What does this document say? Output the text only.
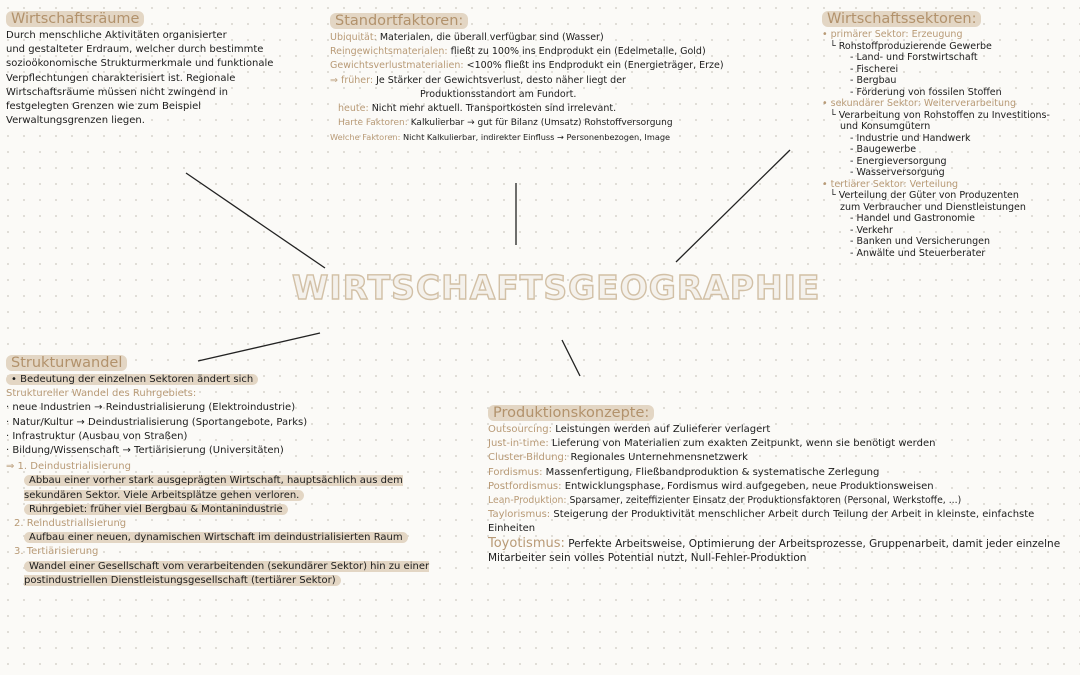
WIRTSCHAFTSGEOGRAPHIE
Wirtschaftsräume
Durch menschliche Aktivitäten organisierter
und gestalteter Erdraum, welcher durch bestimmte
sozioökonomische Strukturmerkmale und funktionale
Verpflechtungen charakterisiert ist. Regionale
Wirtschaftsräume müssen nicht zwingend in
festgelegten Grenzen wie zum Beispiel
Verwaltungsgrenzen liegen.
Standortfaktoren:
Ubiquität: Materialen, die überall verfügbar sind (Wasser)
Reingewichtsmaterialen: fließt zu 100% ins Endprodukt ein (Edelmetalle, Gold)
Gewichtsverlustmaterialien: <100% fließt ins Endprodukt ein (Energieträger, Erze)
⇒ früher: Je Stärker der Gewichtsverlust, desto näher liegt der
Produktionsstandort am Fundort.
heute: Nicht mehr aktuell. Transportkosten sind irrelevant.
Harte Faktoren: Kalkulierbar → gut für Bilanz (Umsatz) Rohstoffversorgung
Weiche Faktoren: Nicht Kalkulierbar, indirekter Einfluss → Personenbezogen, Image
Wirtschaftssektoren:
• primärer Sektor: Erzeugung
└ Rohstoffproduzierende Gewerbe
- Land- und Forstwirtschaft
- Fischerei
- Bergbau
- Förderung von fossilen Stoffen
• sekundärer Sektor: Weiterverarbeitung
└ Verarbeitung von Rohstoffen zu Investitions-
und Konsumgütern
- Industrie und Handwerk
- Baugewerbe
- Energieversorgung
- Wasserversorgung
• tertiärer Sektor: Verteilung
└ Verteilung der Güter von Produzenten
zum Verbraucher und Dienstleistungen
- Handel und Gastronomie
- Verkehr
- Banken und Versicherungen
- Anwälte und Steuerberater
Strukturwandel
• Bedeutung der einzelnen Sektoren ändert sich
Struktureller Wandel des Ruhrgebiets:
· neue Industrien → Reindustrialisierung (Elektroindustrie)
· Natur/Kultur → Deindustrialisierung (Sportangebote, Parks)
· Infrastruktur (Ausbau von Straßen)
· Bildung/Wissenschaft → Tertiärisierung (Universitäten)
⇒ 1. Deindustrialisierung
Abbau einer vorher stark ausgeprägten Wirtschaft, hauptsächlich aus dem sekundären Sektor. Viele Arbeitsplätze gehen verloren.
Ruhrgebiet: früher viel Bergbau & Montanindustrie
2. Reindustrialisierung
Aufbau einer neuen, dynamischen Wirtschaft im deindustrialisierten Raum
3. Tertiärisierung
Wandel einer Gesellschaft vom verarbeitenden (sekundärer Sektor) hin zu einer postindustriellen Dienstleistungsgesellschaft (tertiärer Sektor)
Produktionskonzepte:
Outsourcing: Leistungen werden auf Zulieferer verlagert
Just-in-time: Lieferung von Materialien zum exakten Zeitpunkt, wenn sie benötigt werden
Cluster-Bildung: Regionales Unternehmensnetzwerk
Fordismus: Massenfertigung, Fließbandproduktion & systematische Zerlegung
Postfordismus: Entwicklungsphase, Fordismus wird aufgegeben, neue Produktionsweisen
Lean-Produktion: Sparsamer, zeiteffizienter Einsatz der Produktionsfaktoren (Personal, Werkstoffe, ...)
Taylorismus: Steigerung der Produktivität menschlicher Arbeit durch Teilung der Arbeit in kleinste, einfachste Einheiten
Toyotismus: Perfekte Arbeitsweise, Optimierung der Arbeitsprozesse, Gruppenarbeit, damit jeder einzelne Mitarbeiter sein volles Potential nutzt, Null-Fehler-Produktion
